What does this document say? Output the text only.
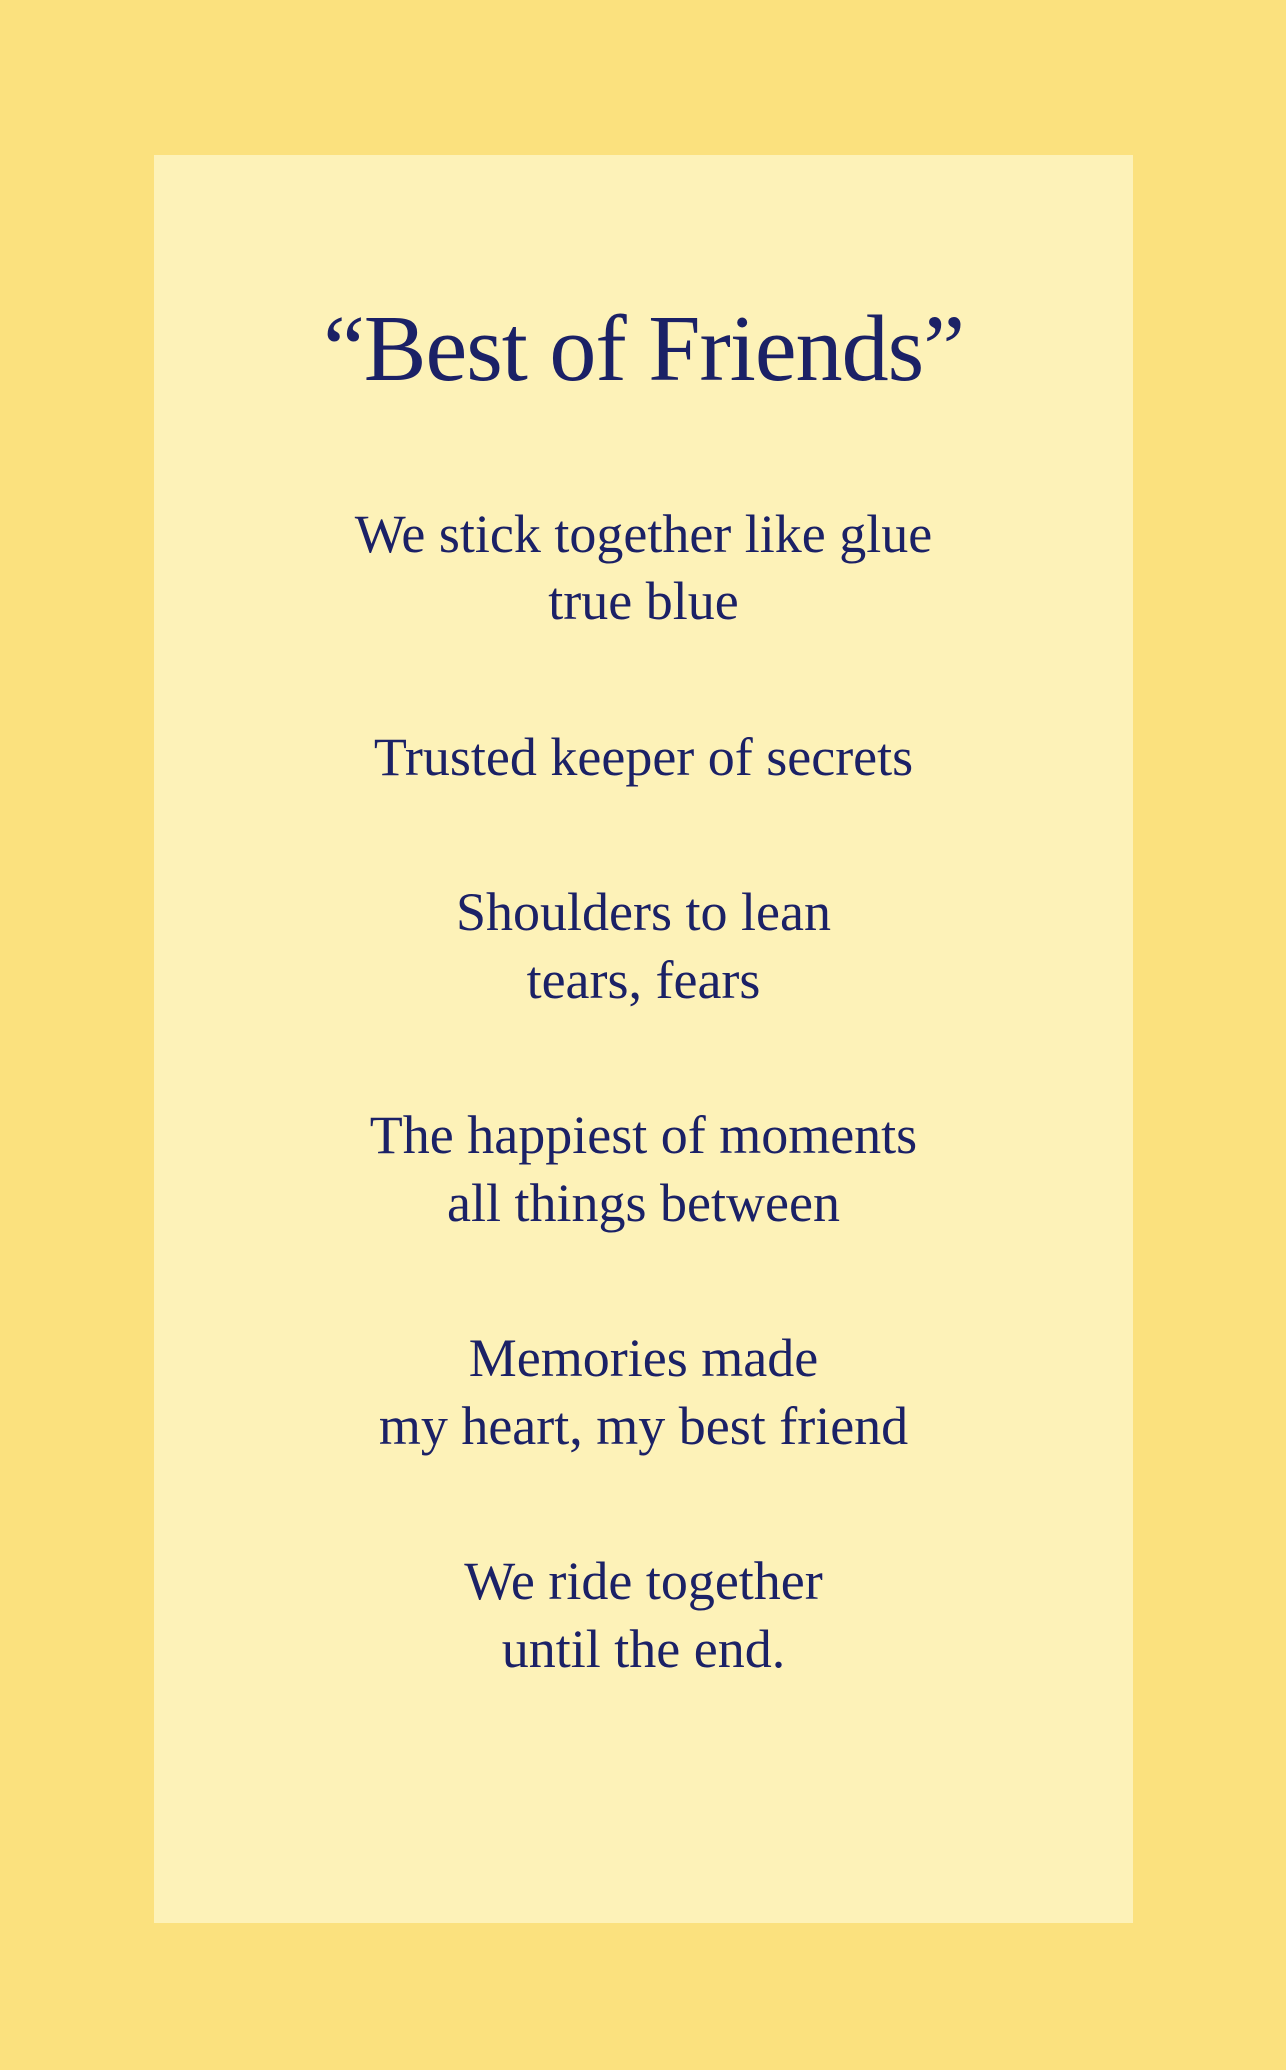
“Best of Friends”
We stick together like glue
true blue
Trusted keeper of secrets
Shoulders to lean
tears, fears
The happiest of moments
all things between
Memories made
my heart, my best friend
We ride together
until the end.
